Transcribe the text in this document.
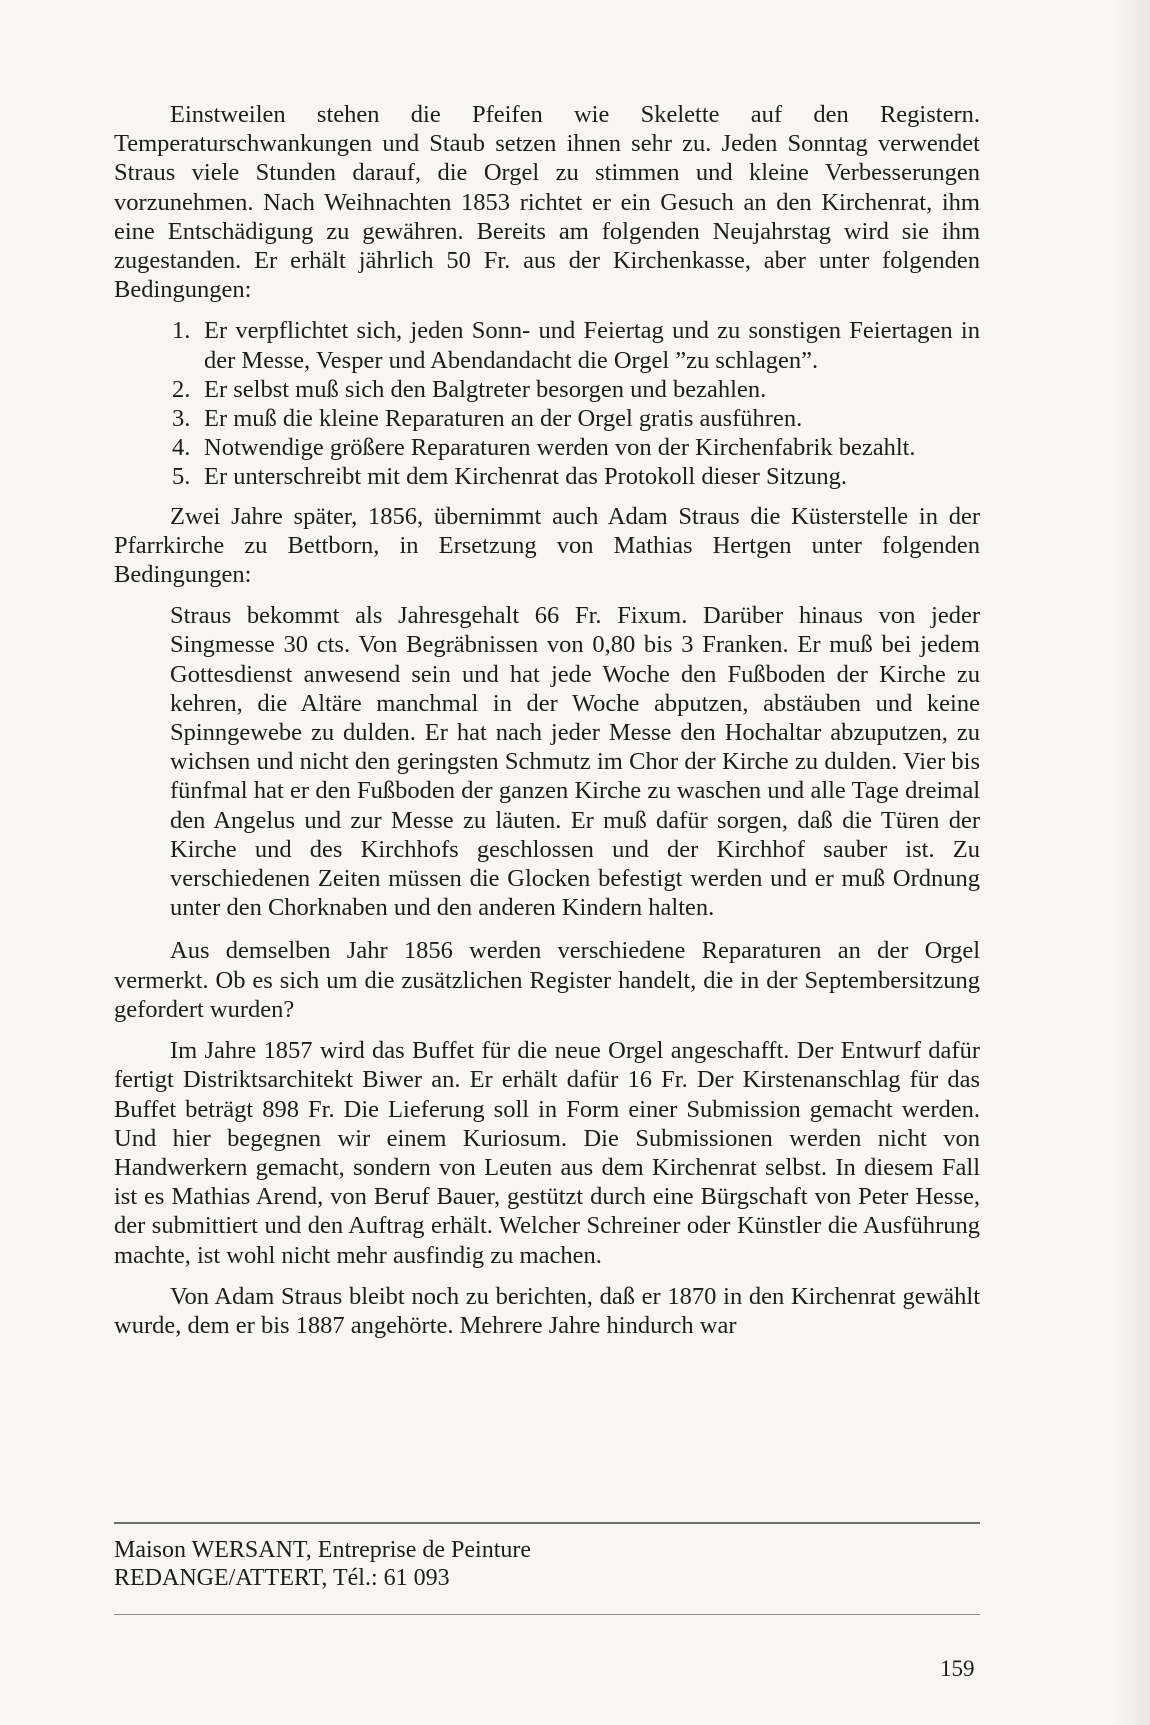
Einstweilen stehen die Pfeifen wie Skelette auf den Registern. Temperaturschwankungen und Staub setzen ihnen sehr zu. Jeden Sonntag verwendet Straus viele Stunden darauf, die Orgel zu stimmen und kleine Verbesserungen vorzunehmen. Nach Weihnachten 1853 richtet er ein Gesuch an den Kirchenrat, ihm eine Entschädigung zu gewähren. Bereits am folgenden Neujahrstag wird sie ihm zugestanden. Er erhält jährlich 50 Fr. aus der Kirchenkasse, aber unter folgenden Bedingungen:

1. Er verpflichtet sich, jeden Sonn- und Feiertag und zu sonstigen Feiertagen in der Messe, Vesper und Abendandacht die Orgel ”zu schlagen”.
2. Er selbst muß sich den Balgtreter besorgen und bezahlen.
3. Er muß die kleine Reparaturen an der Orgel gratis ausführen.
4. Notwendige größere Reparaturen werden von der Kirchenfabrik bezahlt.
5. Er unterschreibt mit dem Kirchenrat das Protokoll dieser Sitzung.

Zwei Jahre später, 1856, übernimmt auch Adam Straus die Küsterstelle in der Pfarrkirche zu Bettborn, in Ersetzung von Mathias Hertgen unter folgenden Bedingungen:

Straus bekommt als Jahresgehalt 66 Fr. Fixum. Darüber hinaus von jeder Singmesse 30 cts. Von Begräbnissen von 0,80 bis 3 Franken. Er muß bei jedem Gottesdienst anwesend sein und hat jede Woche den Fußboden der Kirche zu kehren, die Altäre manchmal in der Woche abputzen, abstäuben und keine Spinngewebe zu dulden. Er hat nach jeder Messe den Hochaltar abzuputzen, zu wichsen und nicht den geringsten Schmutz im Chor der Kirche zu dulden. Vier bis fünfmal hat er den Fußboden der ganzen Kirche zu waschen und alle Tage dreimal den Angelus und zur Messe zu läuten. Er muß dafür sorgen, daß die Türen der Kirche und des Kirchhofs geschlossen und der Kirchhof sauber ist. Zu verschiedenen Zeiten müssen die Glocken befestigt werden und er muß Ordnung unter den Chorknaben und den anderen Kindern halten.

Aus demselben Jahr 1856 werden verschiedene Reparaturen an der Orgel vermerkt. Ob es sich um die zusätzlichen Register handelt, die in der Septembersitzung gefordert wurden?

Im Jahre 1857 wird das Buffet für die neue Orgel angeschafft. Der Entwurf dafür fertigt Distriktsarchitekt Biwer an. Er erhält dafür 16 Fr. Der Kirstenanschlag für das Buffet beträgt 898 Fr. Die Lieferung soll in Form einer Submission gemacht werden. Und hier begegnen wir einem Kuriosum. Die Submissionen werden nicht von Handwerkern gemacht, sondern von Leuten aus dem Kirchenrat selbst. In diesem Fall ist es Mathias Arend, von Beruf Bauer, gestützt durch eine Bürgschaft von Peter Hesse, der submittiert und den Auftrag erhält. Welcher Schreiner oder Künstler die Ausführung machte, ist wohl nicht mehr ausfindig zu machen.

Von Adam Straus bleibt noch zu berichten, daß er 1870 in den Kirchenrat gewählt wurde, dem er bis 1887 angehörte. Mehrere Jahre hindurch war

Maison WERSANT, Entreprise de Peinture
REDANGE/ATTERT, Tél.: 61 093
159
